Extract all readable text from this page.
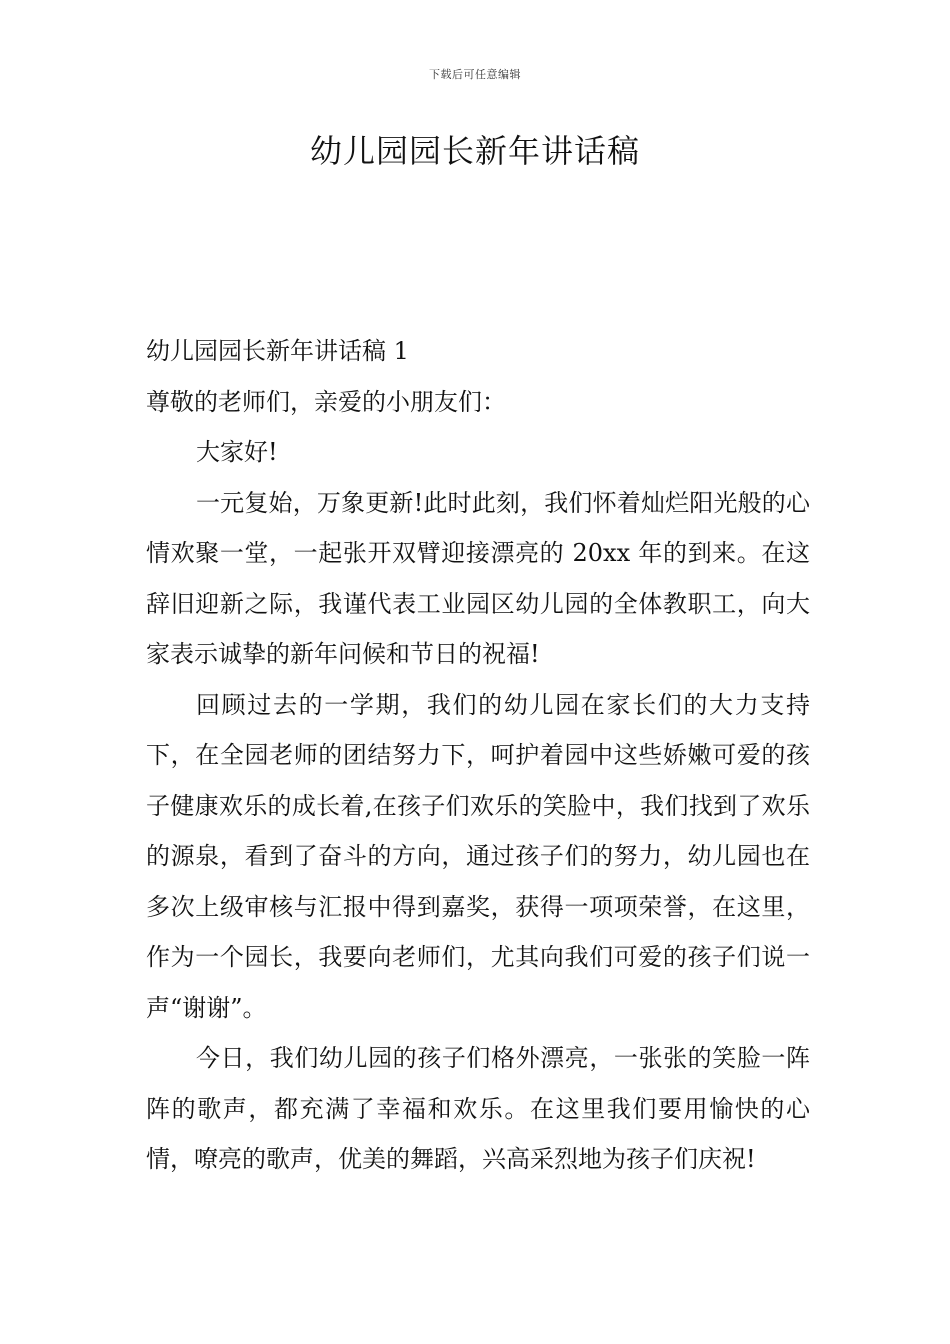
下载后可任意编辑
幼儿园园长新年讲话稿

幼儿园园长新年讲话稿 1

尊敬的老师们，亲爱的小朋友们：

大家好!

一元复始，万象更新!此时此刻，我们怀着灿烂阳光般的心情欢聚一堂，一起张开双臂迎接漂亮的 20xx 年的到来。在这辞旧迎新之际，我谨代表工业园区幼儿园的全体教职工，向大家表示诚挚的新年问候和节日的祝福!

回顾过去的一学期，我们的幼儿园在家长们的大力支持下，在全园老师的团结努力下，呵护着园中这些娇嫩可爱的孩子健康欢乐的成长着,在孩子们欢乐的笑脸中，我们找到了欢乐的源泉，看到了奋斗的方向，通过孩子们的努力，幼儿园也在多次上级审核与汇报中得到嘉奖，获得一项项荣誉，在这里，作为一个园长，我要向老师们，尤其向我们可爱的孩子们说一声“谢谢”。

今日，我们幼儿园的孩子们格外漂亮，一张张的笑脸一阵阵的歌声，都充满了幸福和欢乐。在这里我们要用愉快的心情，嘹亮的歌声，优美的舞蹈，兴高采烈地为孩子们庆祝!
